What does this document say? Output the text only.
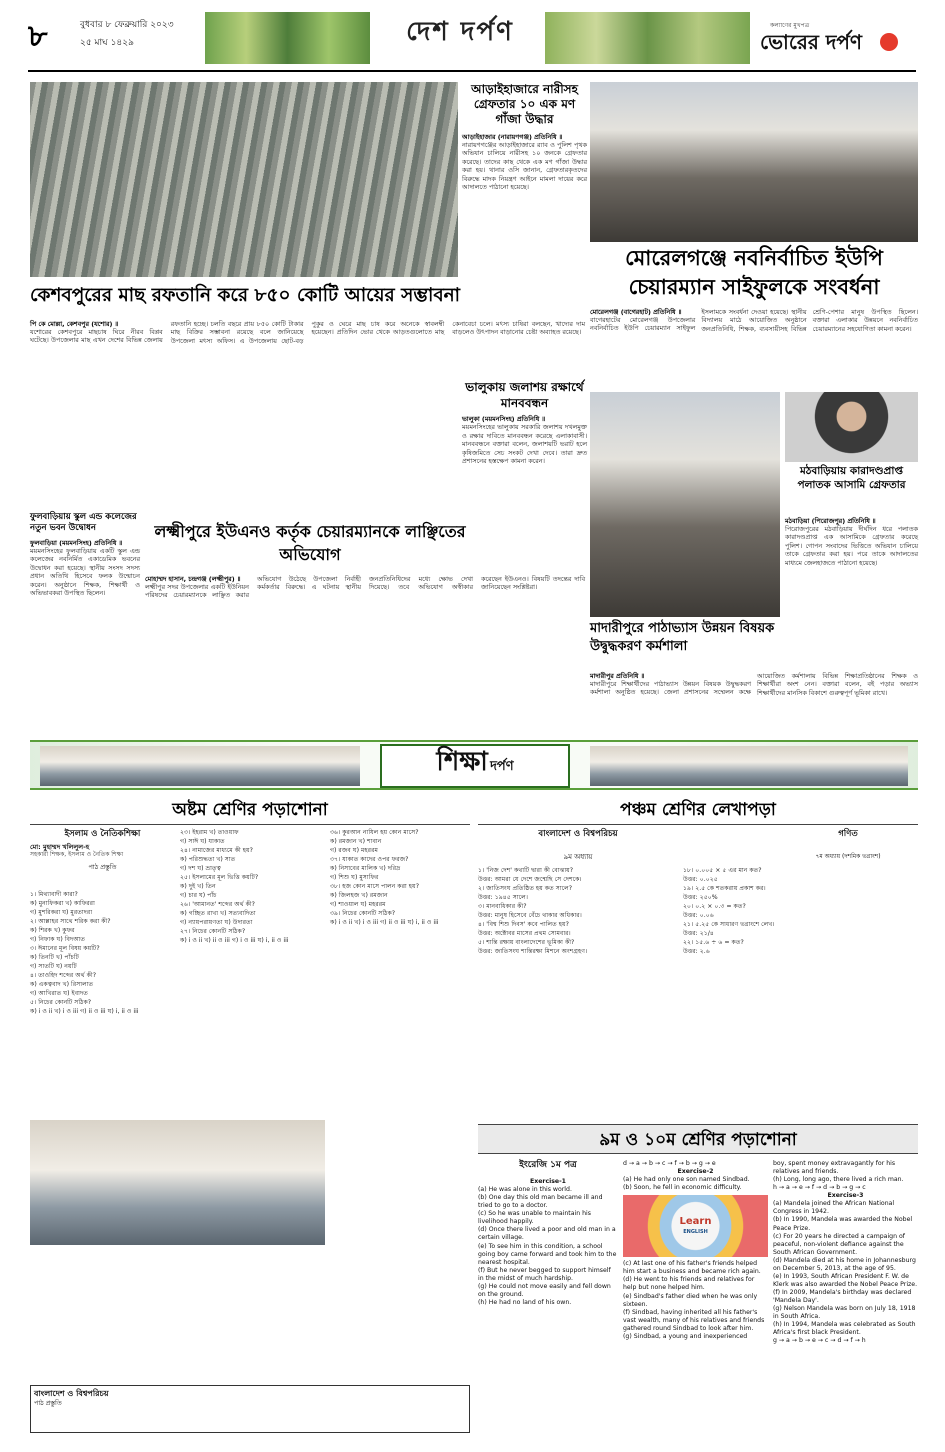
৮	বুধবার ৮ ফেব্রুয়ারি ২০২৩
২৫ মাঘ ১৪২৯	দেশ দর্পণ	কল্যাণের মুখপত্র
ভোরের দর্পণ
আড়াইহাজারে নারীসহ গ্রেফতার ১০ এক মণ গাঁজা উদ্ধার
আড়াইহাজার (নারায়ণগঞ্জ) প্রতিনিধি ॥
নারায়ণগঞ্জের আড়াইহাজারে র‌্যাব ও পুলিশ পৃথক অভিযান চালিয়ে নারীসহ ১০ জনকে গ্রেফতার করেছে। তাদের কাছ থেকে এক মণ গাঁজা উদ্ধার করা হয়। থানার ওসি জানান, গ্রেফতারকৃতদের বিরুদ্ধে মাদক নিয়ন্ত্রণ আইনে মামলা দায়ের করে আদালতে পাঠানো হয়েছে।
মোরেলগঞ্জে নবনির্বাচিত ইউপি চেয়ারম্যান সাইফুলকে সংবর্ধনা
মোরেলগঞ্জ (বাগেরহাট) প্রতিনিধি ॥
বাগেরহাটের মোরেলগঞ্জ উপজেলার নবনির্বাচিত ইউপি চেয়ারম্যান সাইফুল ইসলামকে সংবর্ধনা দেওয়া হয়েছে। স্থানীয় বিদ্যালয় মাঠে আয়োজিত অনুষ্ঠানে জনপ্রতিনিধি, শিক্ষক, ব্যবসায়ীসহ বিভিন্ন শ্রেণি-পেশার মানুষ উপস্থিত ছিলেন। বক্তারা এলাকার উন্নয়নে নবনির্বাচিত চেয়ারম্যানের সহযোগিতা কামনা করেন।
কেশবপুরের মাছ রফতানি করে ৮৫০ কোটি আয়ের সম্ভাবনা
পি কে মোল্লা, কেশবপুর (যশোর) ॥
যশোরের কেশবপুরে মাছচাষ ঘিরে নীরব বিপ্লব ঘটেছে। উপজেলার মাছ এখন দেশের বিভিন্ন জেলায় রফতানি হচ্ছে। চলতি বছরে প্রায় ৮৫০ কোটি টাকার মাছ বিক্রির সম্ভাবনা রয়েছে বলে জানিয়েছে উপজেলা মৎস্য অফিস। এ উপজেলায় ছোট-বড় পুকুর ও ঘেরে মাছ চাষ করে অনেকে স্বাবলম্বী হয়েছেন। প্রতিদিন ভোর থেকে আড়তগুলোতে মাছ কেনাবেচা চলে। মৎস্য চাষিরা বলছেন, খাদ্যের দাম বাড়লেও উৎপাদন বাড়ানোর চেষ্টা অব্যাহত রয়েছে।
ভালুকায় জলাশয় রক্ষার্থে মানববন্ধন
ভালুকা (ময়মনসিংহ) প্রতিনিধি ॥
ময়মনসিংহের ভালুকায় সরকারি জলাশয় দখলমুক্ত ও রক্ষার দাবিতে মানববন্ধন করেছে এলাকাবাসী। মানববন্ধনে বক্তারা বলেন, জলাশয়টি ভরাট হলে কৃষিজমিতে সেচ সংকট দেখা দেবে। তারা দ্রুত প্রশাসনের হস্তক্ষেপ কামনা করেন।
মঠবাড়িয়ায় কারাদণ্ডপ্রাপ্ত পলাতক আসামি গ্রেফতার
মঠবাড়িয়া (পিরোজপুর) প্রতিনিধি ॥
পিরোজপুরের মঠবাড়িয়ায় দীর্ঘদিন ধরে পলাতক কারাদণ্ডপ্রাপ্ত এক আসামিকে গ্রেফতার করেছে পুলিশ। গোপন সংবাদের ভিত্তিতে অভিযান চালিয়ে তাকে গ্রেফতার করা হয়। পরে তাকে আদালতের মাধ্যমে জেলহাজতে পাঠানো হয়েছে।
ফুলবাড়িয়ায় স্কুল এন্ড কলেজের নতুন ভবন উদ্বোধন
ফুলবাড়িয়া (ময়মনসিংহ) প্রতিনিধি ॥
ময়মনসিংহের ফুলবাড়িয়ায় একটি স্কুল এন্ড কলেজের নবনির্মিত একাডেমিক ভবনের উদ্বোধন করা হয়েছে। স্থানীয় সংসদ সদস্য প্রধান অতিথি হিসেবে ফলক উন্মোচন করেন। অনুষ্ঠানে শিক্ষক, শিক্ষার্থী ও অভিভাবকরা উপস্থিত ছিলেন।
লক্ষ্মীপুরে ইউএনও কর্তৃক চেয়ারম্যানকে লাঞ্ছিতের অভিযোগ
মোহাম্মদ হাসান, চন্দ্রগঞ্জ (লক্ষ্মীপুর) ॥
লক্ষ্মীপুর সদর উপজেলার একটি ইউনিয়ন পরিষদের চেয়ারম্যানকে লাঞ্ছিত করার অভিযোগ উঠেছে উপজেলা নির্বাহী কর্মকর্তার বিরুদ্ধে। এ ঘটনায় স্থানীয় জনপ্রতিনিধিদের মধ্যে ক্ষোভ দেখা দিয়েছে। তবে অভিযোগ অস্বীকার করেছেন ইউএনও। বিষয়টি তদন্তের দাবি জানিয়েছেন সংশ্লিষ্টরা।
মাদারীপুরে পাঠাভ্যাস উন্নয়ন বিষয়ক উদ্বুদ্ধকরণ কর্মশালা
মাদারীপুর প্রতিনিধি ॥
মাদারীপুরে শিক্ষার্থীদের পাঠাভ্যাস উন্নয়ন বিষয়ক উদ্বুদ্ধকরণ কর্মশালা অনুষ্ঠিত হয়েছে। জেলা প্রশাসনের সম্মেলন কক্ষে আয়োজিত কর্মশালায় বিভিন্ন শিক্ষাপ্রতিষ্ঠানের শিক্ষক ও শিক্ষার্থীরা অংশ নেন। বক্তারা বলেন, বই পড়ার অভ্যাস শিক্ষার্থীদের মানসিক বিকাশে গুরুত্বপূর্ণ ভূমিকা রাখে।
শিক্ষা দর্পণ
অষ্টম শ্রেণির পড়াশোনা
ইসলাম ও নৈতিকশিক্ষা
মো: মুহাম্মদ খলিলুল-হ
সহকারী শিক্ষক, ইসলাম ও নৈতিক শিক্ষা
পাঠ প্রস্তুতি
১। মিথ্যাবাদী কারা?
ক) মুনাফিকরা খ) কাফিররা
গ) মুশরিকরা ঘ) মুরতাদরা
২। আল্লাহর সাথে শরিক করা কী?
ক) শিরক খ) কুফর
গ) নিফাক ঘ) বিদআত
৩। ঈমানের মূল বিষয় কয়টি?
ক) তিনটি খ) পাঁচটি
গ) সাতটি ঘ) নয়টি
৪। তাওহিদ শব্দের অর্থ কী?
ক) একত্ববাদ খ) রিসালাত
গ) আখিরাত ঘ) ইবাদত
৫। নিচের কোনটি সঠিক?
ক) i ও ii খ) i ও iii গ) ii ও iii ঘ) i, ii ও iii
২৩। ইহরাম খ) তাওয়াফ
গ) সাঈ ঘ) যাকাত
২৪। নামাজের মাধ্যমে কী হয়?
ক) পরিশুদ্ধতা খ) সাত
গ) দশ ঘ) ভ্রাতৃত্ব
২৫। ইসলামের মূল ভিত্তি কয়টি?
ক) দুই খ) তিন
গ) চার ঘ) পাঁচ
২৬। 'আমানত' শব্দের অর্থ কী?
ক) গচ্ছিত রাখা খ) সত্যবাদিতা
গ) ন্যায়পরায়ণতা ঘ) উদারতা
২৭। নিচের কোনটি সঠিক?
ক) i ও ii খ) ii ও iii গ) i ও iii ঘ) i, ii ও iii
৩৬। কুরআন নাযিল হয় কোন মাসে?
ক) রমজান খ) শাবান
গ) রজব ঘ) মহররম
৩৭। যাকাত কাদের ওপর ফরজ?
ক) নিসাবের মালিক খ) দরিদ্র
গ) শিশু ঘ) মুসাফির
৩৮। হজ কোন মাসে পালন করা হয়?
ক) জিলহজ খ) রমজান
গ) শাওয়াল ঘ) মহররম
৩৯। নিচের কোনটি সঠিক?
ক) i ও ii খ) i ও iii গ) ii ও iii ঘ) i, ii ও iii
বাংলাদেশ ও বিশ্বপরিচয়
পাঠ প্রস্তুতি
পঞ্চম শ্রেণির লেখাপড়া
বাংলাদেশ ও বিশ্বপরিচয়	গণিত
৯ম অধ্যায়	৭ম অধ্যায় (দশমিক ভগ্নাংশ)
১। 'নিজ দেশ' কথাটি দ্বারা কী বোঝায়?
উত্তর: আমরা যে দেশে জন্মেছি সে দেশকে।
২। জাতিসংঘ প্রতিষ্ঠিত হয় কত সালে?
উত্তর: ১৯৪৫ সালে।
৩। মানবাধিকার কী?
উত্তর: মানুষ হিসেবে বেঁচে থাকার অধিকার।
৪। 'বিশ্ব শিশু দিবস' কবে পালিত হয়?
উত্তর: অক্টোবর মাসের প্রথম সোমবার।
৫। শান্তি রক্ষায় বাংলাদেশের ভূমিকা কী?
উত্তর: জাতিসংঘ শান্তিরক্ষা মিশনে অংশগ্রহণ।
১৮। ০.০০৫ × ৫ এর মান কত?
উত্তর: ০.০২৫
১৯। ২.৫ কে শতকরায় প্রকাশ কর।
উত্তর: ২৫০%
২০। ০.২ × ০.৩ = কত?
উত্তর: ০.০৬
২১। ৫.২৫ কে সাধারণ ভগ্নাংশে লেখ।
উত্তর: ২১/৪
২২। ১৫.৬ ÷ ৬ = কত?
উত্তর: ২.৬
৯ম ও ১০ম শ্রেণির পড়াশোনা
ইংরেজি ১ম পত্র
Exercise-1
(a) He was alone in this world.
(b) One day this old man became ill and tried to go to a doctor.
(c) So he was unable to maintain his livelihood happily.
(d) Once there lived a poor and old man in a certain village.
(e) To see him in this condition, a school going boy came forward and took him to the nearest hospital.
(f) But he never begged to support himself in the midst of much hardship.
(g) He could not move easily and fell down on the ground.
(h) He had no land of his own.
d → a → b → c → f → b → g → e
Exercise-2
(a) He had only one son named Sindbad.
(b) Soon, he fell in economic difficulty.
Learn
ENGLISH
(c) At last one of his father's friends helped him start a business and became rich again.
(d) He went to his friends and relatives for help but none helped him.
(e) Sindbad's father died when he was only sixteen.
(f) Sindbad, having inherited all his father's vast wealth, many of his relatives and friends gathered round Sindbad to look after him.
(g) Sindbad, a young and inexperienced
boy, spent money extravagantly for his relatives and friends.
(h) Long, long ago, there lived a rich man.
h → a → e → f → d → b → g → c
Exercise-3
(a) Mandela joined the African National Congress in 1942.
(b) In 1990, Mandela was awarded the Nobel Peace Prize.
(c) For 20 years he directed a campaign of peaceful, non-violent defiance against the South African Government.
(d) Mandela died at his home in Johannesburg on December 5, 2013, at the age of 95.
(e) In 1993, South African President F. W. de Klerk was also awarded the Nobel Peace Prize.
(f) In 2009, Mandela's birthday was declared 'Mandela Day'.
(g) Nelson Mandela was born on July 18, 1918 in South Africa.
(h) In 1994, Mandela was celebrated as South Africa's first black President.
g → a → b → e → c → d → f → h
